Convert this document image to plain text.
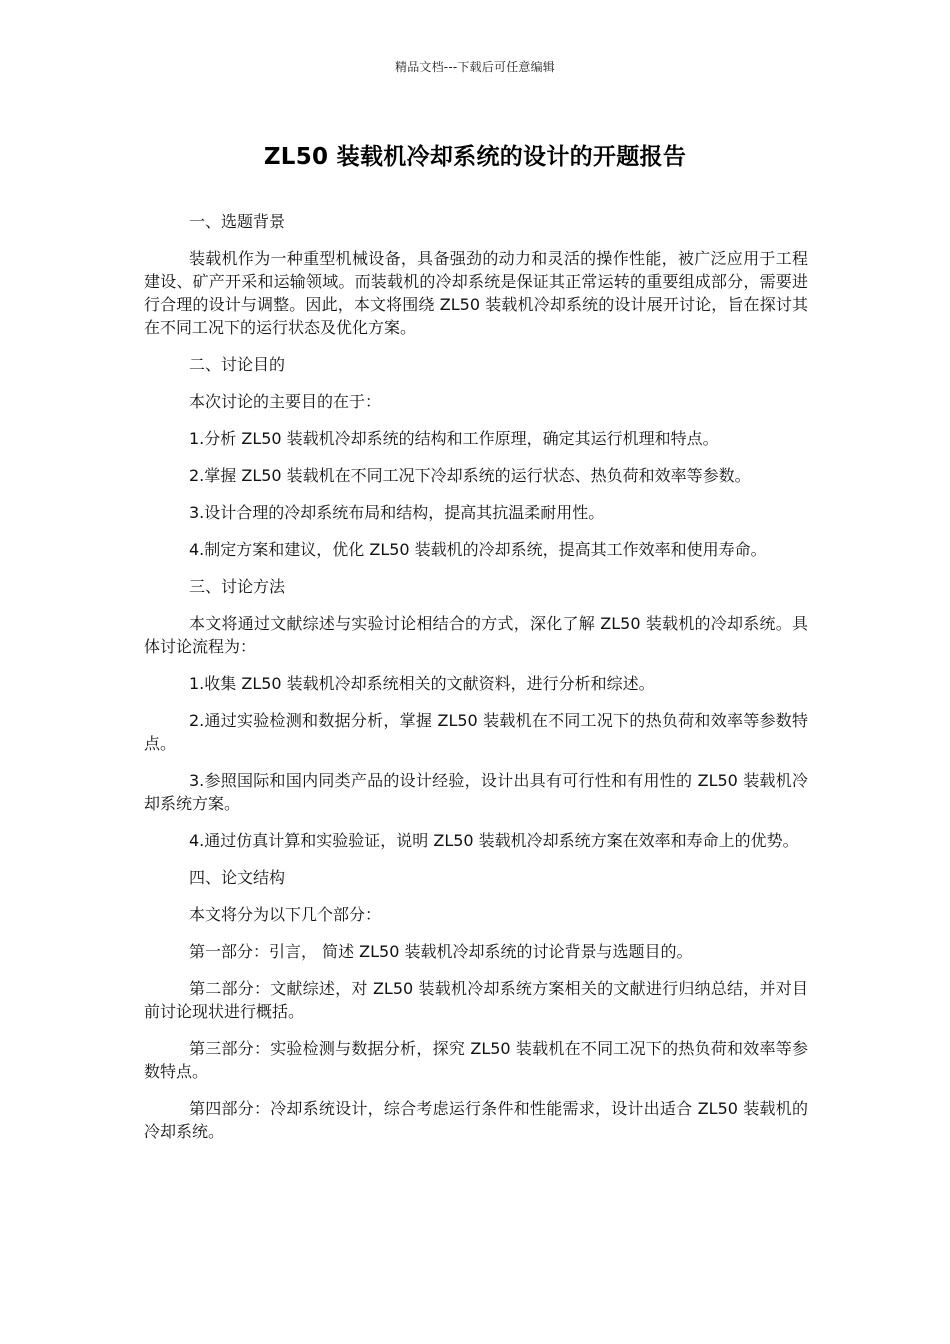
精品文档---下载后可任意编辑
ZL50 装载机冷却系统的设计的开题报告

一、选题背景

装载机作为一种重型机械设备，具备强劲的动力和灵活的操作性能，被广泛应用于工程建设、矿产开采和运输领域。而装载机的冷却系统是保证其正常运转的重要组成部分，需要进行合理的设计与调整。因此，本文将围绕 ZL50 装载机冷却系统的设计展开讨论，旨在探讨其在不同工况下的运行状态及优化方案。

二、讨论目的

本次讨论的主要目的在于：

1.分析 ZL50 装载机冷却系统的结构和工作原理，确定其运行机理和特点。

2.掌握 ZL50 装载机在不同工况下冷却系统的运行状态、热负荷和效率等参数。

3.设计合理的冷却系统布局和结构，提高其抗温柔耐用性。

4.制定方案和建议，优化 ZL50 装载机的冷却系统，提高其工作效率和使用寿命。

三、讨论方法

本文将通过文献综述与实验讨论相结合的方式，深化了解 ZL50 装载机的冷却系统。具体讨论流程为：

1.收集 ZL50 装载机冷却系统相关的文献资料，进行分析和综述。

2.通过实验检测和数据分析，掌握 ZL50 装载机在不同工况下的热负荷和效率等参数特点。

3.参照国际和国内同类产品的设计经验，设计出具有可行性和有用性的 ZL50 装载机冷却系统方案。

4.通过仿真计算和实验验证，说明 ZL50 装载机冷却系统方案在效率和寿命上的优势。

四、论文结构

本文将分为以下几个部分：

第一部分：引言， 简述 ZL50 装载机冷却系统的讨论背景与选题目的。

第二部分：文献综述，对 ZL50 装载机冷却系统方案相关的文献进行归纳总结，并对目前讨论现状进行概括。

第三部分：实验检测与数据分析，探究 ZL50 装载机在不同工况下的热负荷和效率等参数特点。

第四部分：冷却系统设计，综合考虑运行条件和性能需求，设计出适合 ZL50 装载机的冷却系统。
